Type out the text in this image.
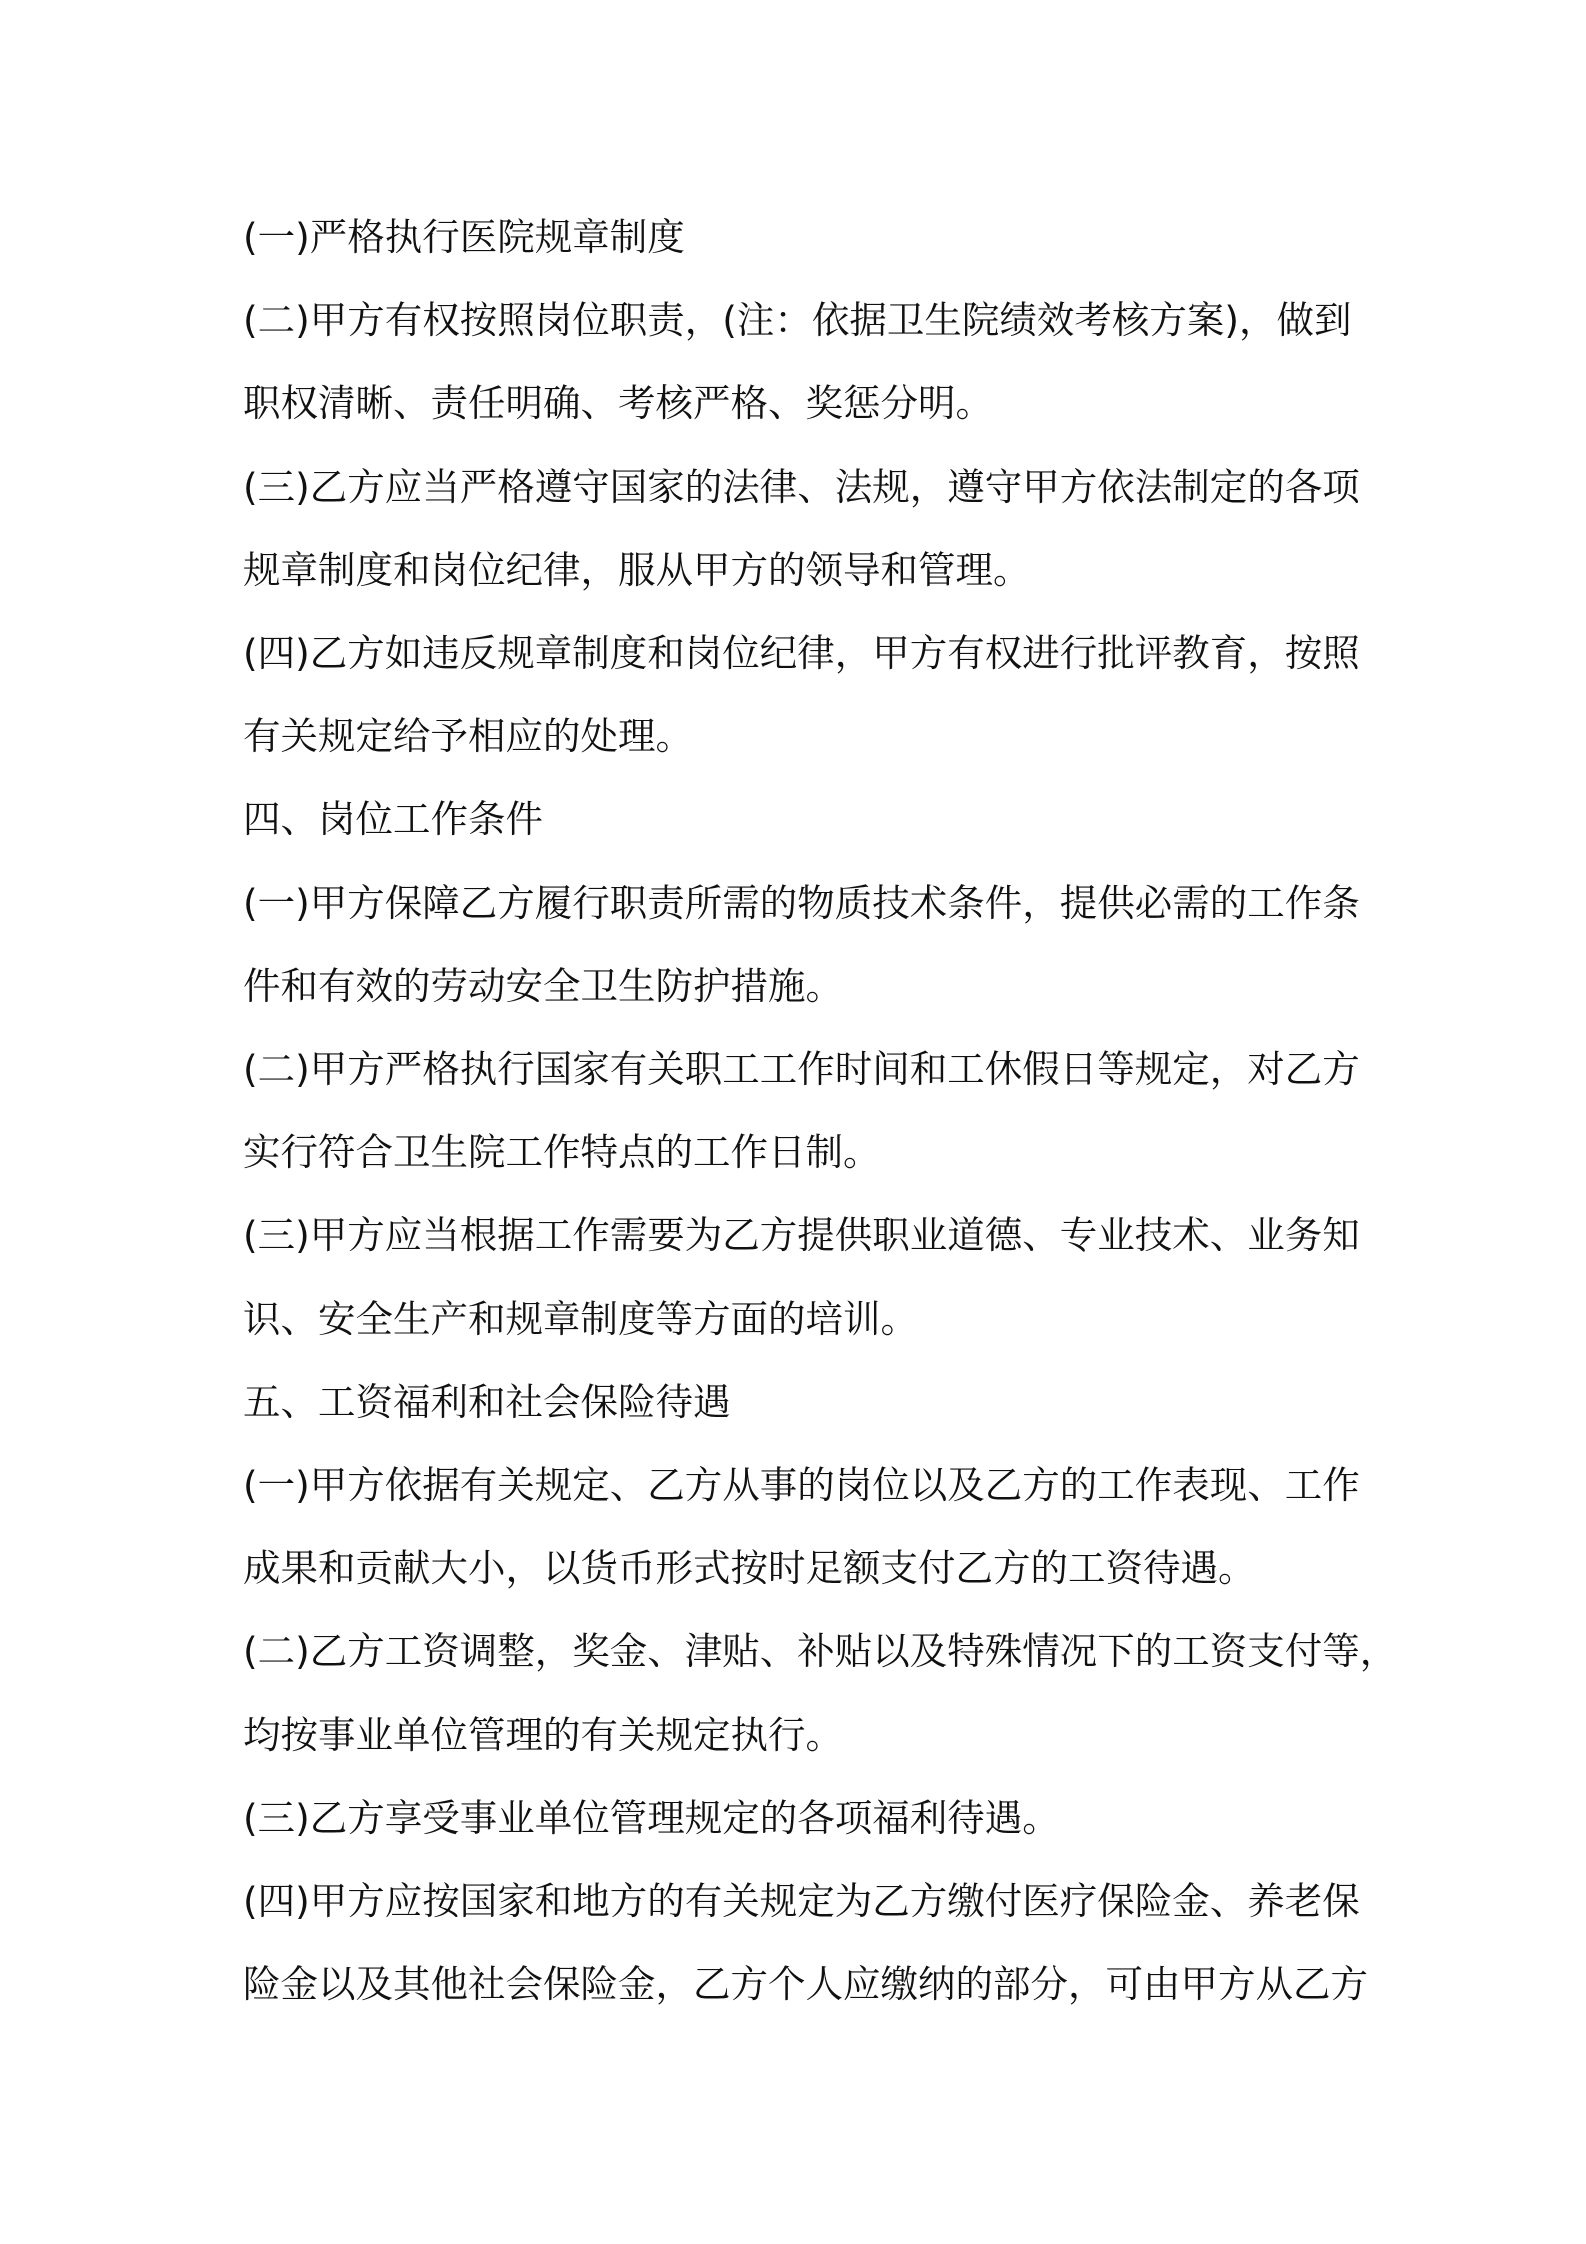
(一)严格执行医院规章制度

(二)甲方有权按照岗位职责，(注：依据卫生院绩效考核方案)，做到

职权清晰、责任明确、考核严格、奖惩分明。

(三)乙方应当严格遵守国家的法律、法规，遵守甲方依法制定的各项

规章制度和岗位纪律，服从甲方的领导和管理。

(四)乙方如违反规章制度和岗位纪律，甲方有权进行批评教育，按照

有关规定给予相应的处理。

四、岗位工作条件

(一)甲方保障乙方履行职责所需的物质技术条件，提供必需的工作条

件和有效的劳动安全卫生防护措施。

(二)甲方严格执行国家有关职工工作时间和工休假日等规定，对乙方

实行符合卫生院工作特点的工作日制。

(三)甲方应当根据工作需要为乙方提供职业道德、专业技术、业务知

识、安全生产和规章制度等方面的培训。

五、工资福利和社会保险待遇

(一)甲方依据有关规定、乙方从事的岗位以及乙方的工作表现、工作

成果和贡献大小，以货币形式按时足额支付乙方的工资待遇。

(二)乙方工资调整，奖金、津贴、补贴以及特殊情况下的工资支付等，

均按事业单位管理的有关规定执行。

(三)乙方享受事业单位管理规定的各项福利待遇。

(四)甲方应按国家和地方的有关规定为乙方缴付医疗保险金、养老保

险金以及其他社会保险金，乙方个人应缴纳的部分，可由甲方从乙方
